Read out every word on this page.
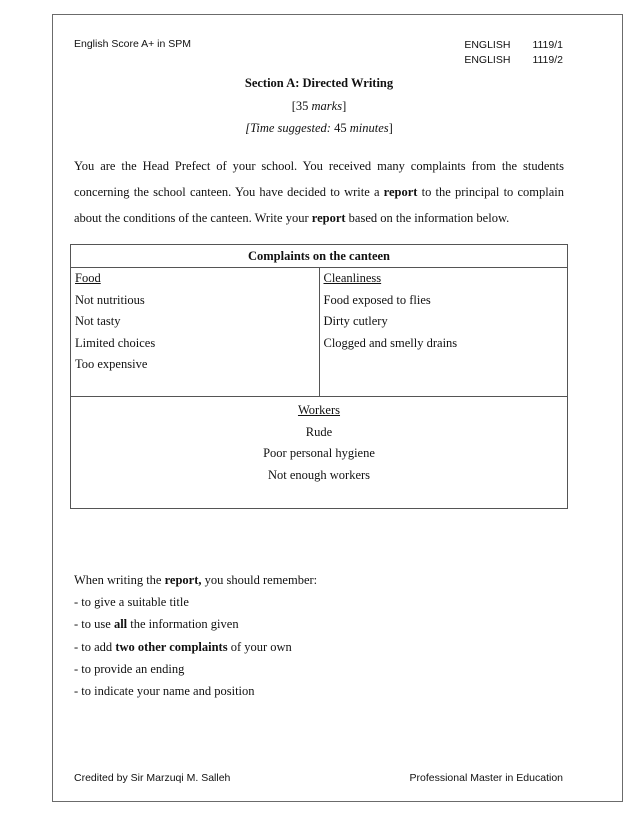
English Score A+ in SPM	ENGLISH 1119/1
ENGLISH 1119/2
Section A: Directed Writing
[35 marks]
[Time suggested: 45 minutes]

You are the Head Prefect of your school. You received many complaints from the students concerning the school canteen. You have decided to write a report to the principal to complain about the conditions of the canteen. Write your report based on the information below.

Complaints on the canteen

Food
Not nutritious
Not tasty
Limited choices
Too expensive

Cleanliness
Food exposed to flies
Dirty cutlery
Clogged and smelly drains

Workers
Rude
Poor personal hygiene
Not enough workers
When writing the report, you should remember:
- to give a suitable title
- to use all the information given
- to add two other complaints of your own
- to provide an ending
- to indicate your name and position
Credited by Sir Marzuqi M. Salleh	Professional Master in Education
